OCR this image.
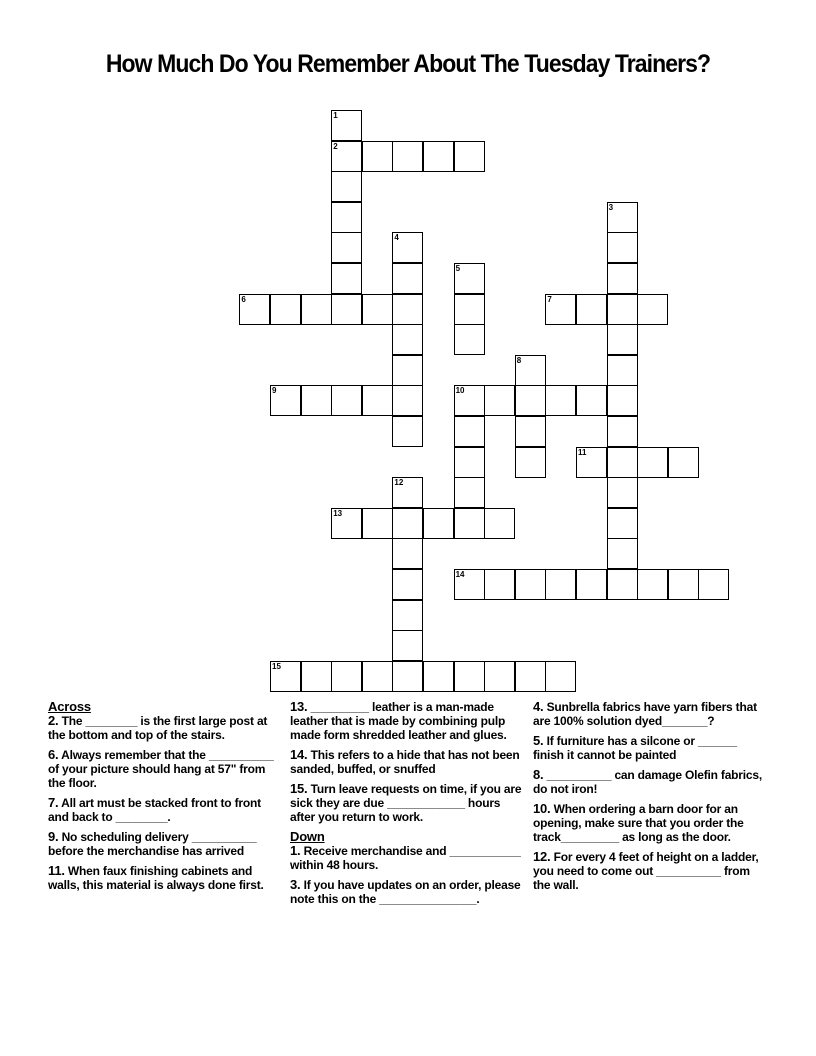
How Much Do You Remember About The Tuesday Trainers?
1
2
3
4
5
6	7
8
9	10
11
12
13
14
15
Across
2. The ________ is the first large post at the bottom and top of the stairs.
6. Always remember that the __________ of your picture should hang at 57" from the floor.
7. All art must be stacked front to front and back to ________.
9. No scheduling delivery __________ before the merchandise has arrived
11. When faux finishing cabinets and walls, this material is always done first.
13. _________ leather is a man-made leather that is made by combining pulp made form shredded leather and glues.
14. This refers to a hide that has not been sanded, buffed, or snuffed
15. Turn leave requests on time, if you are sick they are due ____________ hours after you return to work.
Down
1. Receive merchandise and ___________ within 48 hours.
3. If you have updates on an order, please note this on the _______________.
4. Sunbrella fabrics have yarn fibers that are 100% solution dyed_______?
5. If furniture has a silcone or ______ finish it cannot be painted
8. __________ can damage Olefin fabrics, do not iron!
10. When ordering a barn door for an opening, make sure that you order the track_________ as long as the door.
12. For every 4 feet of height on a ladder, you need to come out __________ from the wall.
